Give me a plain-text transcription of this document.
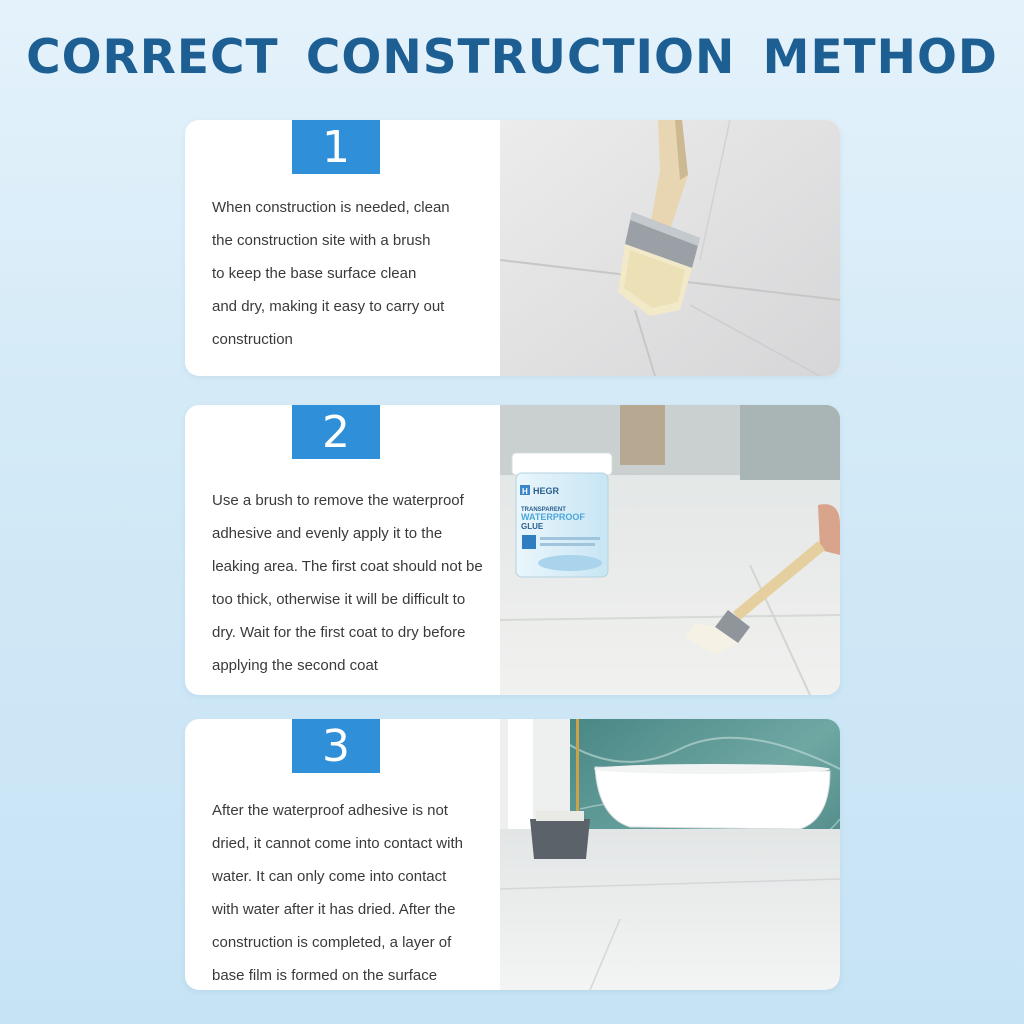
CORRECT CONSTRUCTION METHOD
1
When construction is needed, clean
the construction site with a brush
to keep the base surface clean
and dry, making it easy to carry out
construction
2
Use a brush to remove the waterproof
adhesive and evenly apply it to the
leaking area. The first coat should not be
too thick, otherwise it will be difficult to
dry. Wait for the first coat to dry before
applying the second coat
H HEGR
TRANSPARENT
WATERPROOF
GLUE
3
After the waterproof adhesive is not
dried, it cannot come into contact with
water. It can only come into contact
with water after it has dried. After the
construction is completed, a layer of
base film is formed on the surface
